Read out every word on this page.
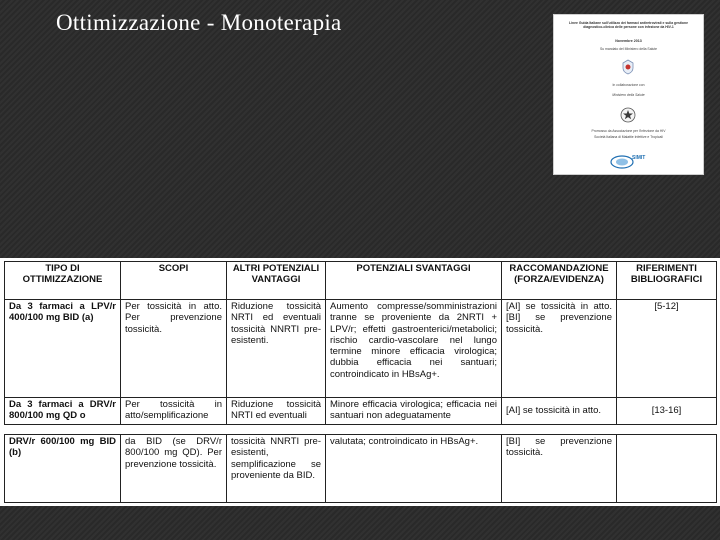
Ottimizzazione - Monoterapia	Linee Guida Italiane sull'utilizzo dei farmaci antiretrovirali e sulla gestione diagnostico-clinica delle persone con infezione da HIV-1
Novembre 2013
Su mandato del Ministero della Salute
In collaborazione con
Ministero della Salute
Promosso da Associazione per l'Infezione da HIV
Società Italiana di Malattie Infettive e Tropicali
SIMIT
TIPO DI OTTIMIZZAZIONE	SCOPI	ALTRI POTENZIALI VANTAGGI	POTENZIALI SVANTAGGI	RACCOMANDAZIONE (FORZA/EVIDENZA)	RIFERIMENTI BIBLIOGRAFICI
Da 3 farmaci a LPV/r 400/100 mg BID (a)	Per tossicità in atto. Per prevenzione tossicità.	Riduzione tossicità NRTI ed eventuali tossicità NNRTI pre-esistenti.	Aumento compresse/somministrazioni tranne se proveniente da 2NRTI + LPV/r; effetti gastroenterici/metabolici; rischio cardio-vascolare nel lungo termine minore efficacia virologica; dubbia efficacia nei santuari; controindicato in HBsAg+.	[AI] se tossicità in atto. [BI] se prevenzione tossicità.	[5-12]

Da 3 farmaci a DRV/r 800/100 mg QD o	Per tossicità in atto/semplificazione	Riduzione tossicità NRTI ed eventuali	Minore efficacia virologica; efficacia nei santuari non adeguatamente	[AI] se tossicità in atto.	[13-16]
DRV/r 600/100 mg BID (b)	da BID (se DRV/r 800/100 mg QD). Per prevenzione tossicità.	tossicità NNRTI pre-esistenti, semplificazione se proveniente da BID.	valutata; controindicato in HBsAg+.	[BI] se prevenzione tossicità.	
